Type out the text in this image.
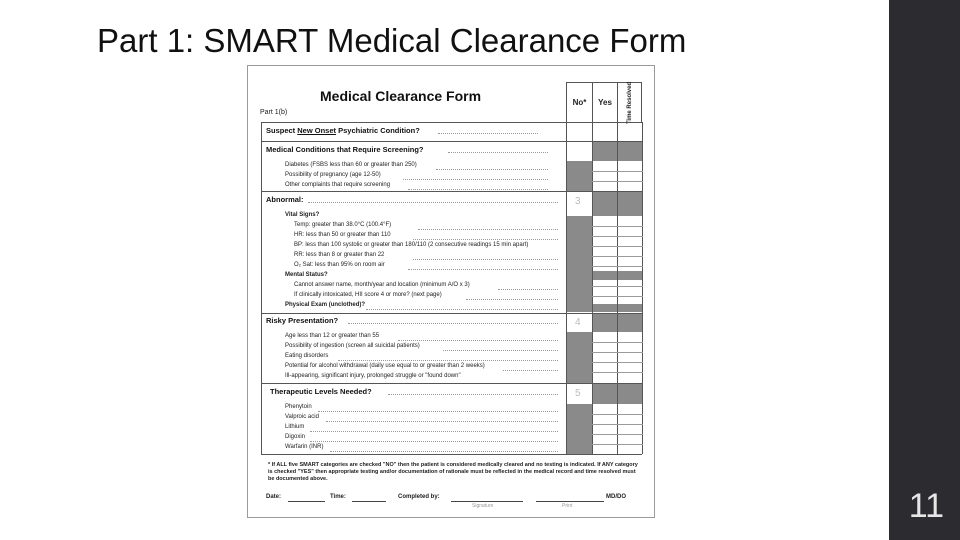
Part 1: SMART Medical Clearance Form
11
Medical Clearance Form
Part 1(b)
No*	Yes	Time Resolved
Suspect New Onset Psychiatric Condition?
Medical Conditions that Require Screening?
Diabetes (FSBS less than 60 or greater than 250)
Possibility of pregnancy (age 12-50)
Other complaints that require screening
Abnormal:	3
Vital Signs?
Temp: greater than 38.0°C (100.4°F)
HR: less than 50 or greater than 110
BP: less than 100 systolic or greater than 180/110 (2 consecutive readings 15 min apart)
RR: less than 8 or greater than 22
O₂ Sat: less than 95% on room air
Mental Status?
Cannot answer name, month/year and location (minimum A/O x 3)
If clinically intoxicated, HII score 4 or more? (next page)
Physical Exam (unclothed)?
Risky Presentation?	4
Age less than 12 or greater than 55
Possibility of ingestion (screen all suicidal patients)
Eating disorders
Potential for alcohol withdrawal (daily use equal to or greater than 2 weeks)
Ill-appearing, significant injury, prolonged struggle or "found down"
Therapeutic Levels Needed?	5
Phenytoin
Valproic acid
Lithium
Digoxin
Warfarin (INR)
* If ALL five SMART categories are checked "NO" then the patient is considered medically cleared and no testing is indicated. If ANY category is checked "YES" then appropriate testing and/or documentation of rationale must be reflected in the medical record and time resolved must be documented above.
Date:	Time:	Completed by:	MD/DO
Signature	Print
